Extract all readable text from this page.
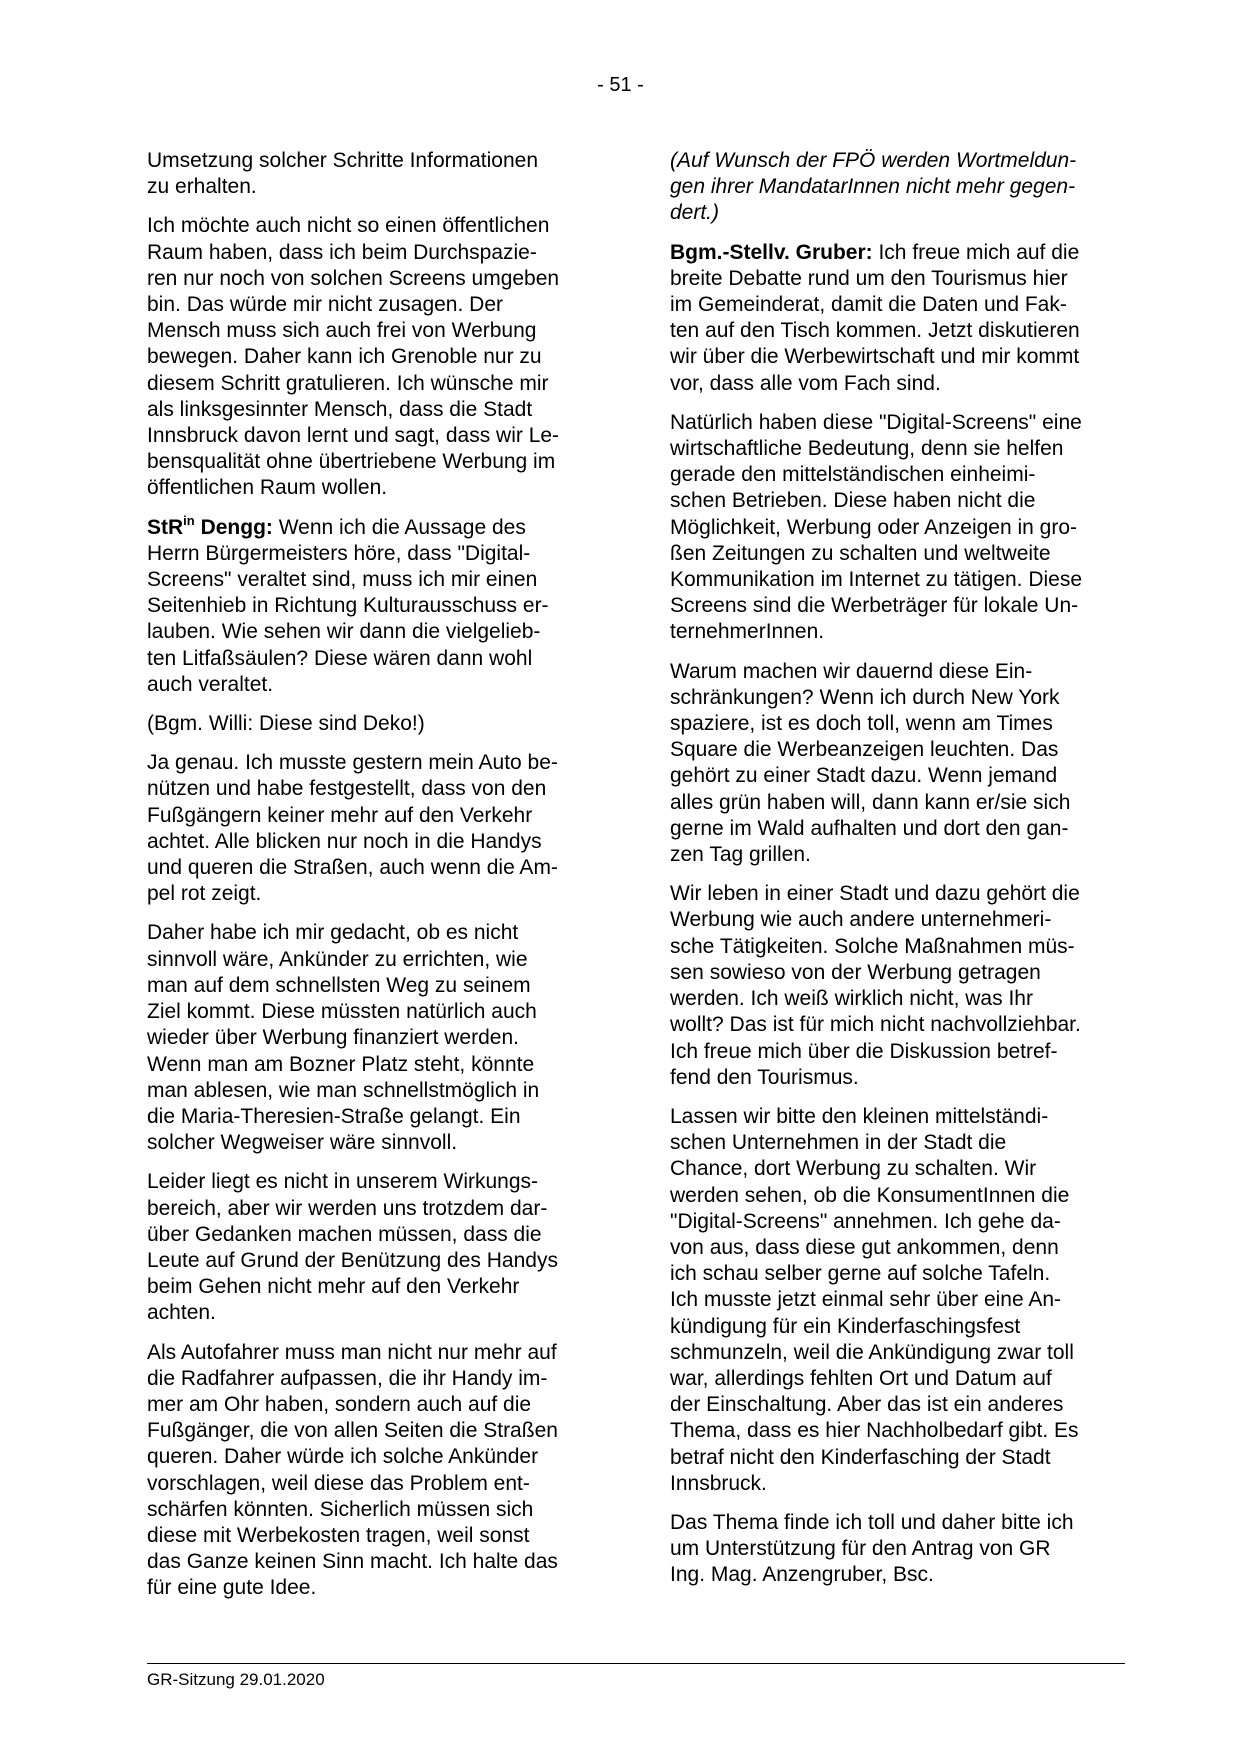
- 51 -
Umsetzung solcher Schritte Informationen
zu erhalten.
Ich möchte auch nicht so einen öffentlichen
Raum haben, dass ich beim Durchspazie-
ren nur noch von solchen Screens umgeben
bin. Das würde mir nicht zusagen. Der
Mensch muss sich auch frei von Werbung
bewegen. Daher kann ich Grenoble nur zu
diesem Schritt gratulieren. Ich wünsche mir
als linksgesinnter Mensch, dass die Stadt
Innsbruck davon lernt und sagt, dass wir Le-
bensqualität ohne übertriebene Werbung im
öffentlichen Raum wollen.
StR$^{in}$ Dengg: Wenn ich die Aussage des
Herrn Bürgermeisters höre, dass "Digital-
Screens" veraltet sind, muss ich mir einen
Seitenhieb in Richtung Kulturausschuss er-
lauben. Wie sehen wir dann die vielgelieb-
ten Litfaßsäulen? Diese wären dann wohl
auch veraltet.
(Bgm. Willi: Diese sind Deko!)
Ja genau. Ich musste gestern mein Auto be-
nützen und habe festgestellt, dass von den
Fußgängern keiner mehr auf den Verkehr
achtet. Alle blicken nur noch in die Handys
und queren die Straßen, auch wenn die Am-
pel rot zeigt.
Daher habe ich mir gedacht, ob es nicht
sinnvoll wäre, Ankünder zu errichten, wie
man auf dem schnellsten Weg zu seinem
Ziel kommt. Diese müssten natürlich auch
wieder über Werbung finanziert werden.
Wenn man am Bozner Platz steht, könnte
man ablesen, wie man schnellstmöglich in
die Maria-Theresien-Straße gelangt. Ein
solcher Wegweiser wäre sinnvoll.
Leider liegt es nicht in unserem Wirkungs-
bereich, aber wir werden uns trotzdem dar-
über Gedanken machen müssen, dass die
Leute auf Grund der Benützung des Handys
beim Gehen nicht mehr auf den Verkehr
achten.
Als Autofahrer muss man nicht nur mehr auf
die Radfahrer aufpassen, die ihr Handy im-
mer am Ohr haben, sondern auch auf die
Fußgänger, die von allen Seiten die Straßen
queren. Daher würde ich solche Ankünder
vorschlagen, weil diese das Problem ent-
schärfen könnten. Sicherlich müssen sich
diese mit Werbekosten tragen, weil sonst
das Ganze keinen Sinn macht. Ich halte das
für eine gute Idee.
(Auf Wunsch der FPÖ werden Wortmeldun-
gen ihrer MandatarInnen nicht mehr gegen-
dert.)
Bgm.-Stellv. Gruber: Ich freue mich auf die
breite Debatte rund um den Tourismus hier
im Gemeinderat, damit die Daten und Fak-
ten auf den Tisch kommen. Jetzt diskutieren
wir über die Werbewirtschaft und mir kommt
vor, dass alle vom Fach sind.
Natürlich haben diese "Digital-Screens" eine
wirtschaftliche Bedeutung, denn sie helfen
gerade den mittelständischen einheimi-
schen Betrieben. Diese haben nicht die
Möglichkeit, Werbung oder Anzeigen in gro-
ßen Zeitungen zu schalten und weltweite
Kommunikation im Internet zu tätigen. Diese
Screens sind die Werbeträger für lokale Un-
ternehmerInnen.
Warum machen wir dauernd diese Ein-
schränkungen? Wenn ich durch New York
spaziere, ist es doch toll, wenn am Times
Square die Werbeanzeigen leuchten. Das
gehört zu einer Stadt dazu. Wenn jemand
alles grün haben will, dann kann er/sie sich
gerne im Wald aufhalten und dort den gan-
zen Tag grillen.
Wir leben in einer Stadt und dazu gehört die
Werbung wie auch andere unternehmeri-
sche Tätigkeiten. Solche Maßnahmen müs-
sen sowieso von der Werbung getragen
werden. Ich weiß wirklich nicht, was Ihr
wollt? Das ist für mich nicht nachvollziehbar.
Ich freue mich über die Diskussion betref-
fend den Tourismus.
Lassen wir bitte den kleinen mittelständi-
schen Unternehmen in der Stadt die
Chance, dort Werbung zu schalten. Wir
werden sehen, ob die KonsumentInnen die
"Digital-Screens" annehmen. Ich gehe da-
von aus, dass diese gut ankommen, denn
ich schau selber gerne auf solche Tafeln.
Ich musste jetzt einmal sehr über eine An-
kündigung für ein Kinderfaschingsfest
schmunzeln, weil die Ankündigung zwar toll
war, allerdings fehlten Ort und Datum auf
der Einschaltung. Aber das ist ein anderes
Thema, dass es hier Nachholbedarf gibt. Es
betraf nicht den Kinderfasching der Stadt
Innsbruck.
Das Thema finde ich toll und daher bitte ich
um Unterstützung für den Antrag von GR
Ing. Mag. Anzengruber, Bsc.
GR-Sitzung 29.01.2020
